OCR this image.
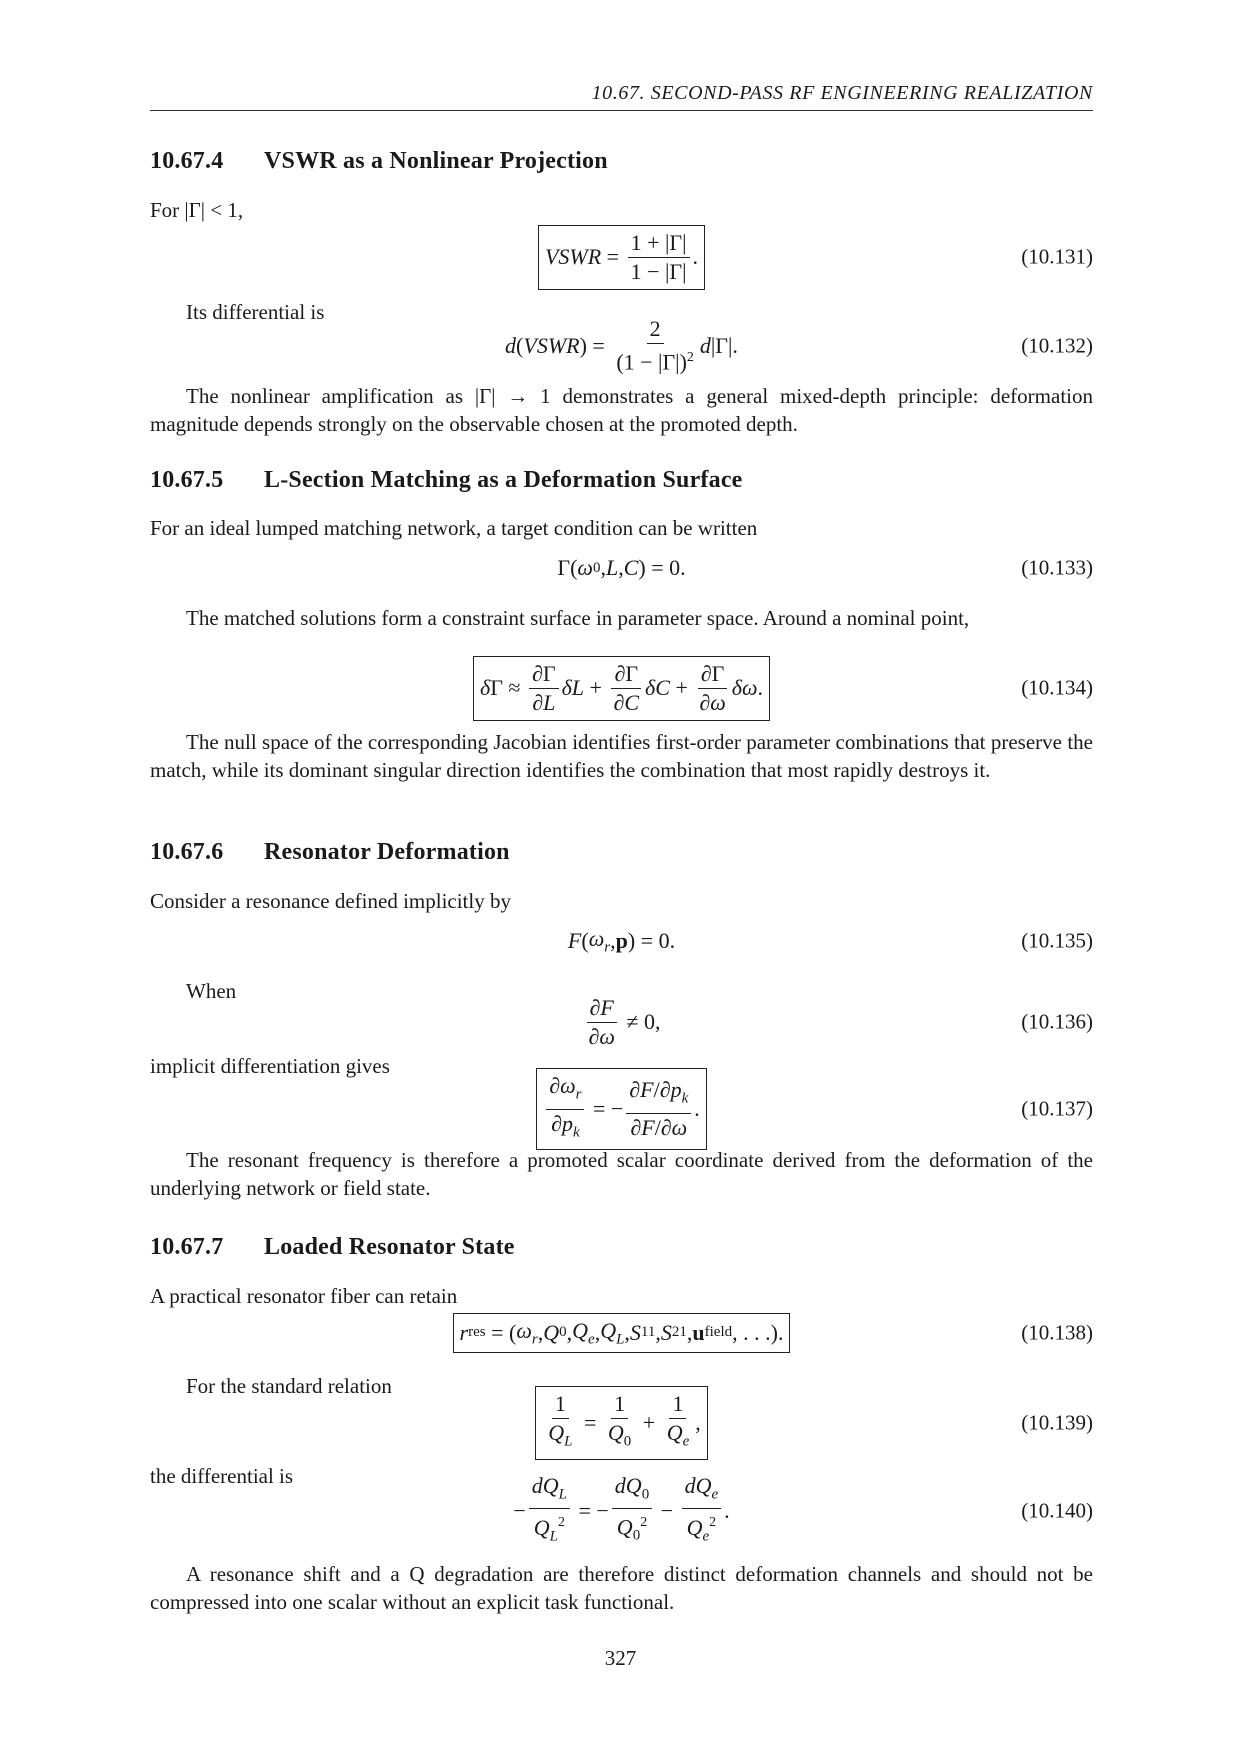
10.67. SECOND-PASS RF ENGINEERING REALIZATION
10.67.4 VSWR as a Nonlinear Projection
For |Γ| < 1,
VSWR = $\frac{1 + |\Gamma|}{1 - |\Gamma|}$ .	(10.131)
Its differential is
d ( VSWR ) = $\frac{2}{(1 - |\Gamma|)^2}$ d |Γ|.	(10.132)
The nonlinear amplification as |Γ| → 1 demonstrates a general mixed-depth principle: deformation magnitude depends strongly on the observable chosen at the promoted depth.
10.67.5 L-Section Matching as a Deformation Surface
For an ideal lumped matching network, a target condition can be written
Γ( ω 0 , L , C ) = 0.	(10.133)
The matched solutions form a constraint surface in parameter space. Around a nominal point,
δ $\Gamma \approx \frac{\partial\Gamma}{\partial L}$ $\delta L + \frac{\partial\Gamma}{\partial C}$ $\delta C + \frac{\partial\Gamma}{\partial\omega}$ δω .	(10.134)
The null space of the corresponding Jacobian identifies first-order parameter combinations that preserve the match, while its dominant singular direction identifies the combination that most rapidly destroys it.
10.67.6 Resonator Deformation
Consider a resonance defined implicitly by
F ( $\omega_r$ , p ) = 0.	(10.135)
When
$\frac{\partial F}{\partial\omega} \ne 0$,	(10.136)
implicit differentiation gives
$\frac{\partial\omega_r}{\partial p_k}$ = − $\frac{\partial F/\partial p_k}{\partial F/\partial\omega}$ .	(10.137)
The resonant frequency is therefore a promoted scalar coordinate derived from the deformation of the underlying network or field state.
10.67.7 Loaded Resonator State
A practical resonator fiber can retain
r res = ( $\omega_r$ , Q 0 , $Q_e$ , $Q_L$ , S 11 , S 21 , u field , . . .).	(10.138)
For the standard relation
$\frac{1}{Q_L} = \frac{1}{Q_0} + \frac{1}{Q_e}$ ,	(10.139)
the differential is
− $\frac{dQ_L}{Q_L^2}$ = − $\frac{dQ_0}{Q_0^2} - \frac{dQ_e}{Q_e^2}$ .	(10.140)
A resonance shift and a Q degradation are therefore distinct deformation channels and should not be compressed into one scalar without an explicit task functional.
327
